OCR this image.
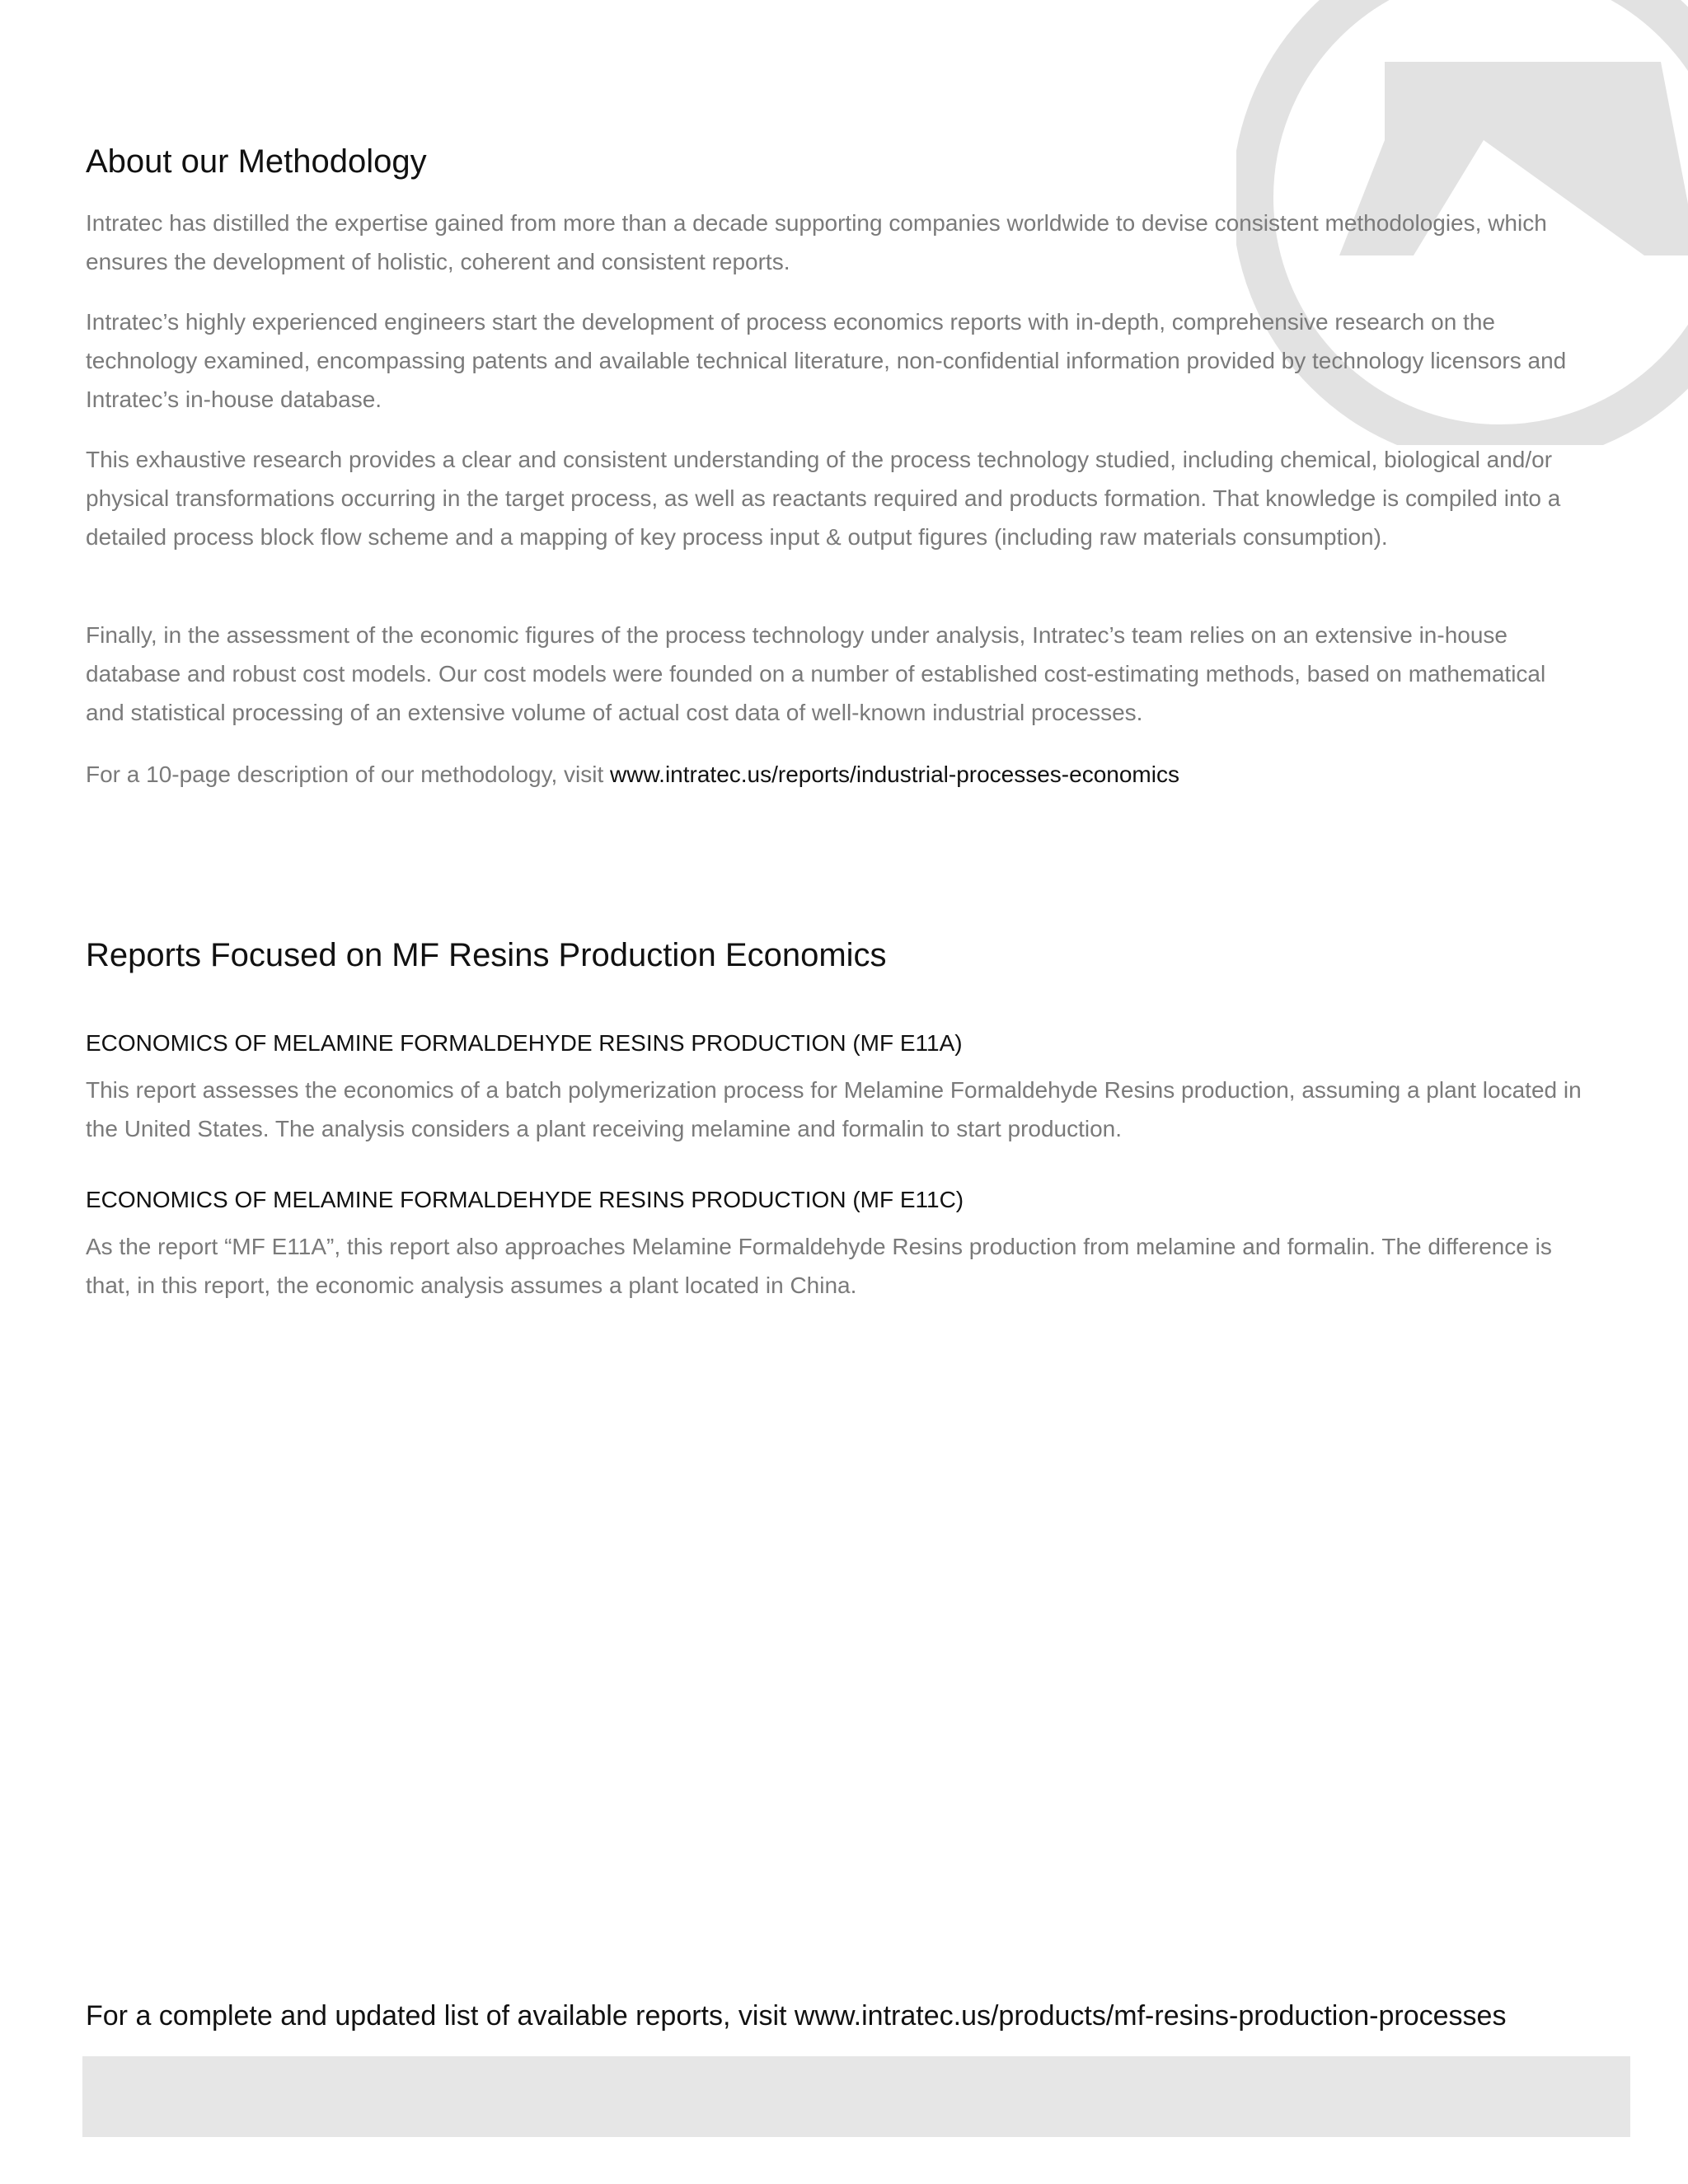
About our Methodology

Intratec has distilled the expertise gained from more than a decade supporting companies worldwide to devise consistent methodologies, which ensures the development of holistic, coherent and consistent reports.

Intratec’s highly experienced engineers start the development of process economics reports with in-depth, comprehensive research on the technology examined, encompassing patents and available technical literature, non-confidential information provided by technology licensors and Intratec’s in-house database.

This exhaustive research provides a clear and consistent understanding of the process technology studied, including chemical, biological and/or physical transformations occurring in the target process, as well as reactants required and products formation. That knowledge is compiled into a detailed process block flow scheme and a mapping of key process input & output figures (including raw materials consumption).

Finally, in the assessment of the economic figures of the process technology under analysis, Intratec’s team relies on an extensive in-house database and robust cost models. Our cost models were founded on a number of established cost-estimating methods, based on mathematical and statistical processing of an extensive volume of actual cost data of well-known industrial processes.

For a 10-page description of our methodology, visit www.intratec.us/reports/industrial-processes-economics

Reports Focused on MF Resins Production Economics
ECONOMICS OF MELAMINE FORMALDEHYDE RESINS PRODUCTION (MF E11A)

This report assesses the economics of a batch polymerization process for Melamine Formaldehyde Resins production, assuming a plant located in the United States. The analysis considers a plant receiving melamine and formalin to start production.

ECONOMICS OF MELAMINE FORMALDEHYDE RESINS PRODUCTION (MF E11C)

As the report “MF E11A”, this report also approaches Melamine Formaldehyde Resins production from melamine and formalin. The difference is that, in this report, the economic analysis assumes a plant located in China.

For a complete and updated list of available reports, visit www.intratec.us/products/mf-resins-production-processes
